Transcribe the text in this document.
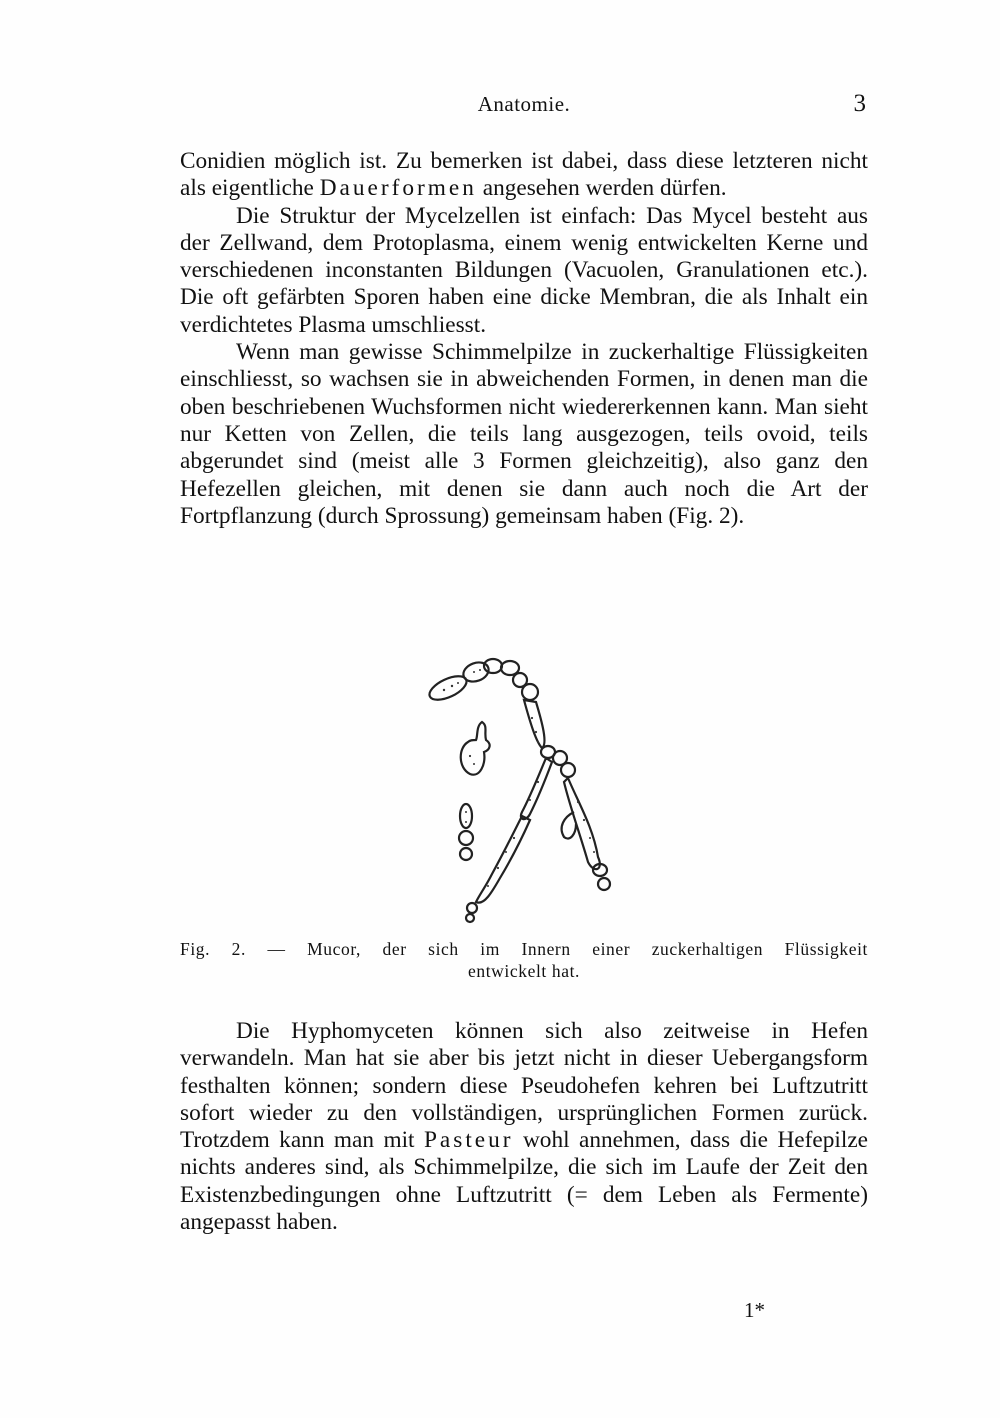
Anatomie.	3

Conidien möglich ist. Zu bemerken ist dabei, dass diese letzteren nicht als eigentliche Dauerformen angesehen werden dürfen.

Die Struktur der Mycelzellen ist einfach: Das Mycel besteht aus der Zellwand, dem Protoplasma, einem wenig entwickelten Kerne und verschiedenen inconstanten Bildungen (Vacuolen, Granulationen etc.). Die oft gefärbten Sporen haben eine dicke Membran, die als Inhalt ein verdichtetes Plasma umschliesst.

Wenn man gewisse Schimmelpilze in zuckerhaltige Flüssigkeiten einschliesst, so wachsen sie in abweichenden Formen, in denen man die oben beschriebenen Wuchsformen nicht wiedererkennen kann. Man sieht nur Ketten von Zellen, die teils lang ausgezogen, teils ovoid, teils abgerundet sind (meist alle 3 Formen gleichzeitig), also ganz den Hefezellen gleichen, mit denen sie dann auch noch die Art der Fortpflanzung (durch Sprossung) gemeinsam haben (Fig. 2).

Fig. 2. — Mucor, der sich im Innern einer zuckerhaltigen Flüssigkeit
entwickelt hat.

Die Hyphomyceten können sich also zeitweise in Hefen verwandeln. Man hat sie aber bis jetzt nicht in dieser Uebergangsform festhalten können; sondern diese Pseudohefen kehren bei Luftzutritt sofort wieder zu den vollständigen, ursprünglichen Formen zurück. Trotzdem kann man mit Pasteur wohl annehmen, dass die Hefepilze nichts anderes sind, als Schimmelpilze, die sich im Laufe der Zeit den Existenzbedingungen ohne Luftzutritt (= dem Leben als Fermente) angepasst haben.

1*
